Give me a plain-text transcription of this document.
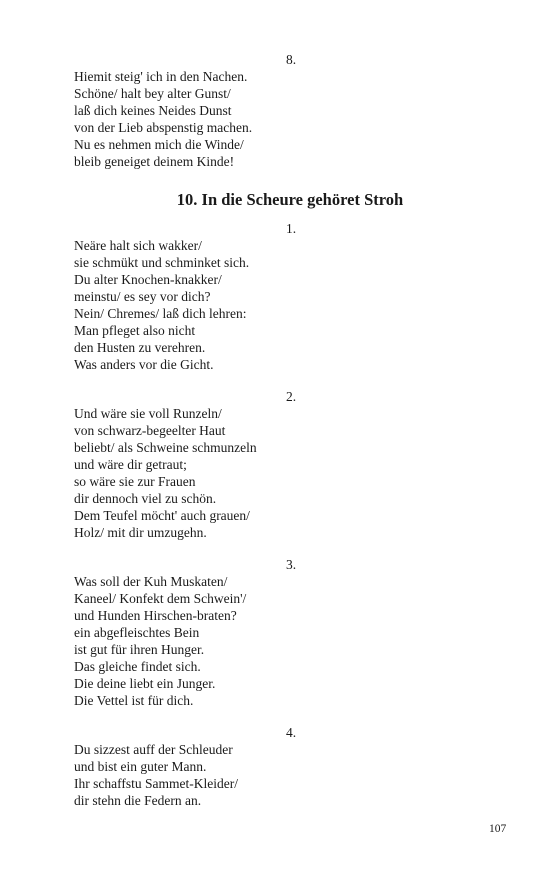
8.
Hiemit steig' ich in den Nachen.
Schöne/ halt bey alter Gunst/
laß dich keines Neides Dunst
von der Lieb abspenstig machen.
Nu es nehmen mich die Winde/
bleib geneiget deinem Kinde!
10. In die Scheure gehöret Stroh
1.
Neäre halt sich wakker/
sie schmükt und schminket sich.
Du alter Knochen-knakker/
meinstu/ es sey vor dich?
Nein/ Chremes/ laß dich lehren:
Man pfleget also nicht
den Husten zu verehren.
Was anders vor die Gicht.
2.
Und wäre sie voll Runzeln/
von schwarz-begeelter Haut
beliebt/ als Schweine schmunzeln
und wäre dir getraut;
so wäre sie zur Frauen
dir dennoch viel zu schön.
Dem Teufel möcht' auch grauen/
Holz/ mit dir umzugehn.
3.
Was soll der Kuh Muskaten/
Kaneel/ Konfekt dem Schwein'/
und Hunden Hirschen-braten?
ein abgefleischtes Bein
ist gut für ihren Hunger.
Das gleiche findet sich.
Die deine liebt ein Junger.
Die Vettel ist für dich.
4.
Du sizzest auff der Schleuder
und bist ein guter Mann.
Ihr schaffstu Sammet-Kleider/
dir stehn die Federn an.
107
